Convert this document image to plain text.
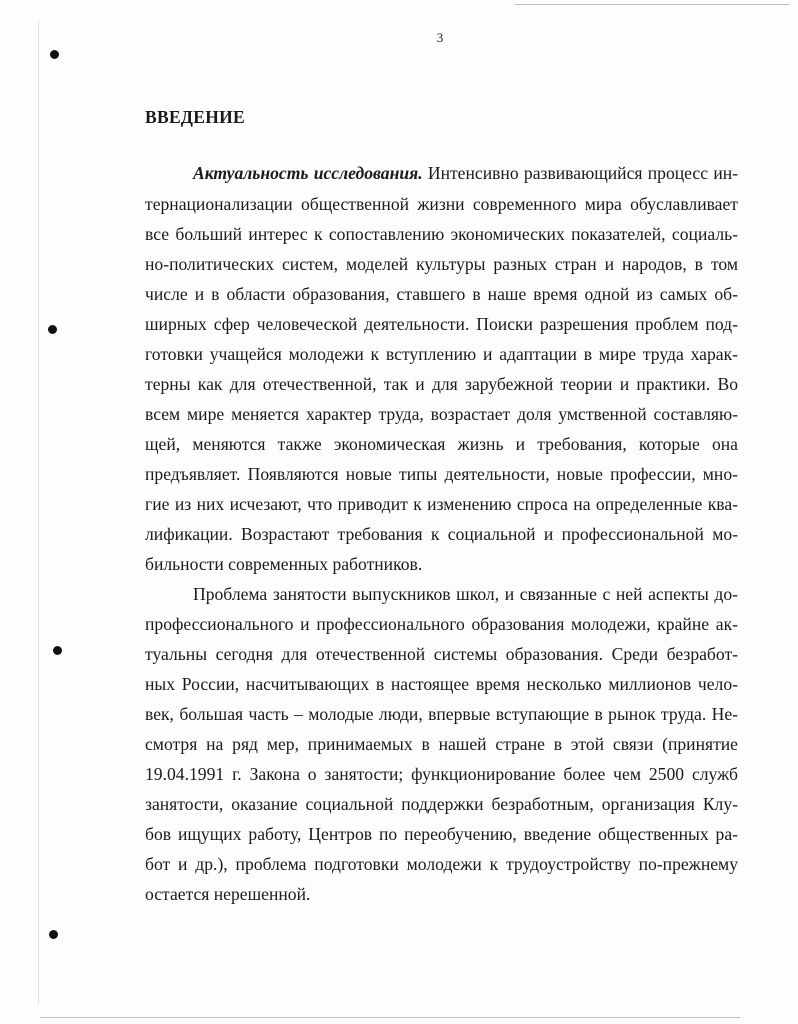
3
ВВЕДЕНИЕ
Актуальность исследования. Интенсивно развивающийся процесс ин-
тернационализации общественной жизни современного мира обуславливает
все больший интерес к сопоставлению экономических показателей, социаль-
но-политических систем, моделей культуры разных стран и народов, в том
числе и в области образования, ставшего в наше время одной из самых об-
ширных сфер человеческой деятельности. Поиски разрешения проблем под-
готовки учащейся молодежи к вступлению и адаптации в мире труда харак-
терны как для отечественной, так и для зарубежной теории и практики. Во
всем мире меняется характер труда, возрастает доля умственной составляю-
щей, меняются также экономическая жизнь и требования, которые она
предъявляет. Появляются новые типы деятельности, новые профессии, мно-
гие из них исчезают, что приводит к изменению спроса на определенные ква-
лификации. Возрастают требования к социальной и профессиональной мо-
бильности современных работников.
Проблема занятости выпускников школ, и связанные с ней аспекты до-
профессионального и профессионального образования молодежи, крайне ак-
туальны сегодня для отечественной системы образования. Среди безработ-
ных России, насчитывающих в настоящее время несколько миллионов чело-
век, большая часть – молодые люди, впервые вступающие в рынок труда. Не-
смотря на ряд мер, принимаемых в нашей стране в этой связи (принятие
19.04.1991 г. Закона о занятости; функционирование более чем 2500 служб
занятости, оказание социальной поддержки безработным, организация Клу-
бов ищущих работу, Центров по переобучению, введение общественных ра-
бот и др.), проблема подготовки молодежи к трудоустройству по-прежнему
остается нерешенной.
